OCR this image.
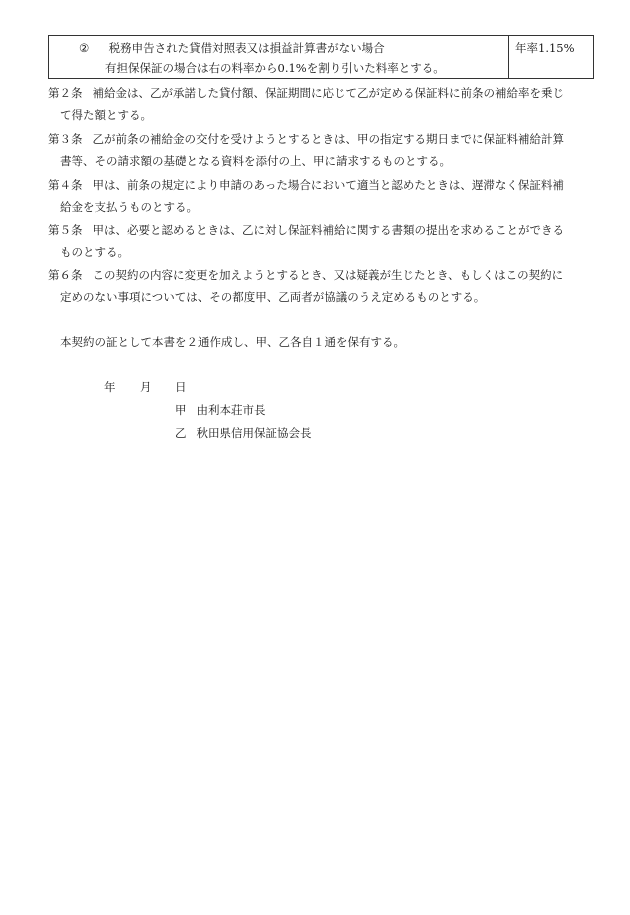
② 税務申告された貸借対照表又は損益計算書がない場合
有担保保証の場合は右の料率から0.1%を割り引いた料率とする。
年率1.15%
第２条 補給金は、乙が承諾した貸付額、保証期間に応じて乙が定める保証料に前条の補給率を乗じ
て得た額とする。
第３条 乙が前条の補給金の交付を受けようとするときは、甲の指定する期日までに保証料補給計算
書等、その請求額の基礎となる資料を添付の上、甲に請求するものとする。
第４条 甲は、前条の規定により申請のあった場合において適当と認めたときは、遅滞なく保証料補
給金を支払うものとする。
第５条 甲は、必要と認めるときは、乙に対し保証料補給に関する書類の提出を求めることができる
ものとする。
第６条 この契約の内容に変更を加えようとするとき、又は疑義が生じたとき、もしくはこの契約に
定めのない事項については、その都度甲、乙両者が協議のうえ定めるものとする。
本契約の証として本書を２通作成し、甲、乙各自１通を保有する。
年 月 日
甲 由利本荘市長
乙 秋田県信用保証協会長
